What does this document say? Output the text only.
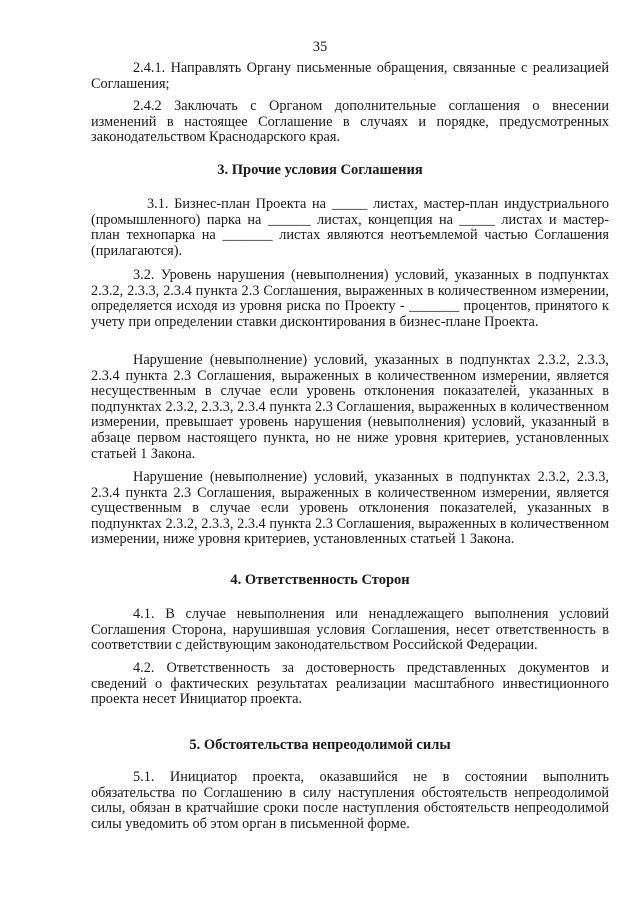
35

2.4.1. Направлять Органу письменные обращения, связанные с реализацией Соглашения;

2.4.2 Заключать с Органом дополнительные соглашения о внесении изменений в настоящее Соглашение в случаях и порядке, предусмотренных законодательством Краснодарского края.

3. Прочие условия Соглашения

3.1. Бизнес-план Проекта на _____ листах, мастер-план индустриального (промышленного) парка на ______ листах, концепция на _____ листах и мастер-план технопарка на _______ листах являются неотъемлемой частью Соглашения (прилагаются).

3.2. Уровень нарушения (невыполнения) условий, указанных в подпунктах 2.3.2, 2.3.3, 2.3.4 пункта 2.3 Соглашения, выраженных в количественном измерении, определяется исходя из уровня риска по Проекту - _______ процентов, принятого к учету при определении ставки дисконтирования в бизнес-плане Проекта.

Нарушение (невыполнение) условий, указанных в подпунктах 2.3.2, 2.3.3, 2.3.4 пункта 2.3 Соглашения, выраженных в количественном измерении, является несущественным в случае если уровень отклонения показателей, указанных в подпунктах 2.3.2, 2.3.3, 2.3.4 пункта 2.3 Соглашения, выраженных в количественном измерении, превышает уровень нарушения (невыполнения) условий, указанный в абзаце первом настоящего пункта, но не ниже уровня критериев, установленных статьей 1 Закона.

Нарушение (невыполнение) условий, указанных в подпунктах 2.3.2, 2.3.3, 2.3.4 пункта 2.3 Соглашения, выраженных в количественном измерении, является существенным в случае если уровень отклонения показателей, указанных в подпунктах 2.3.2, 2.3.3, 2.3.4 пункта 2.3 Соглашения, выраженных в количественном измерении, ниже уровня критериев, установленных статьей 1 Закона.

4. Ответственность Сторон

4.1. В случае невыполнения или ненадлежащего выполнения условий Соглашения Сторона, нарушившая условия Соглашения, несет ответственность в соответствии с действующим законодательством Российской Федерации.

4.2. Ответственность за достоверность представленных документов и сведений о фактических результатах реализации масштабного инвестиционного проекта несет Инициатор проекта.

5. Обстоятельства непреодолимой силы

5.1. Инициатор проекта, оказавшийся не в состоянии выполнить обязательства по Соглашению в силу наступления обстоятельств непреодолимой силы, обязан в кратчайшие сроки после наступления обстоятельств непреодолимой силы уведомить об этом орган в письменной форме.
